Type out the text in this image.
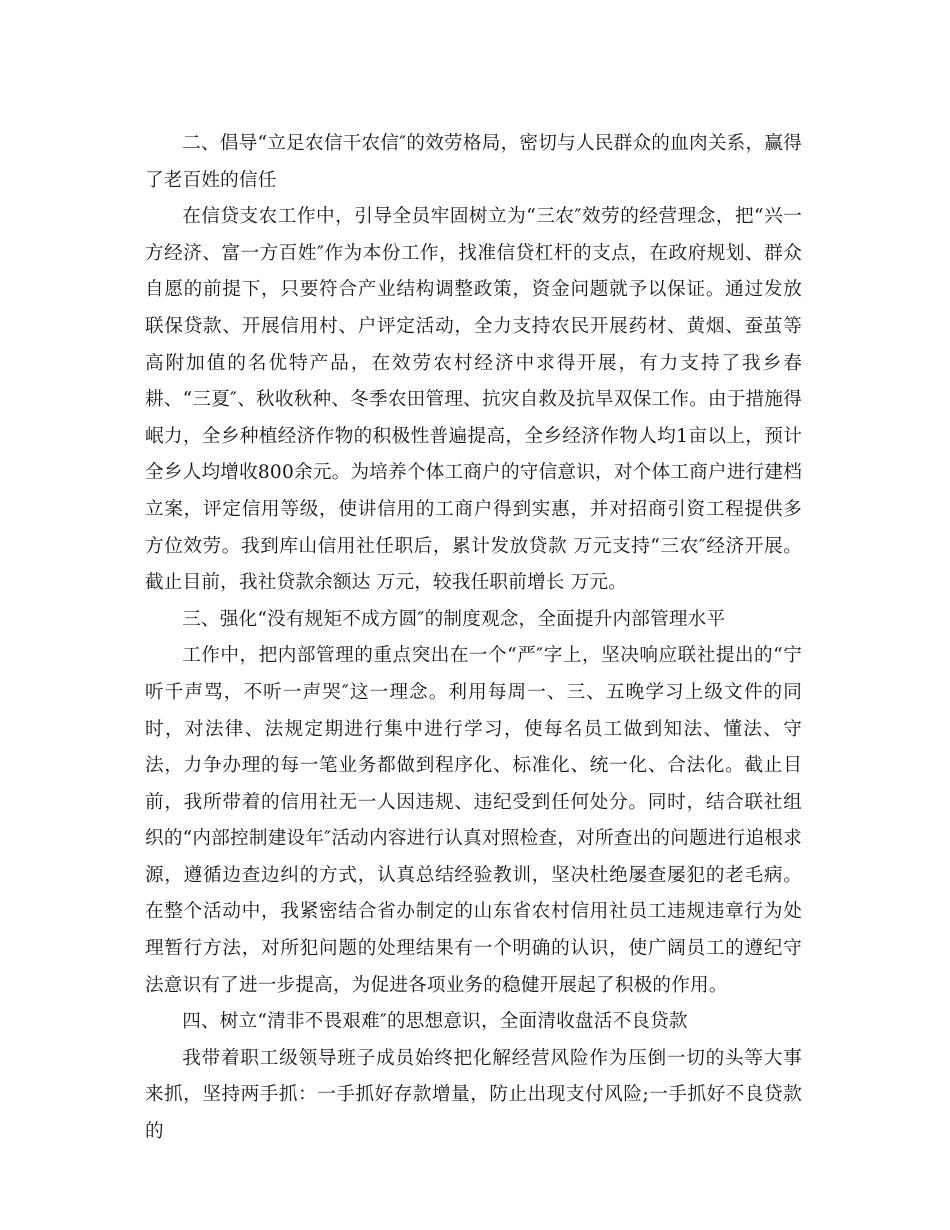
二、倡导“立足农信干农信″的效劳格局，密切与人民群众的血肉关系，赢得了老百姓的信任

在信贷支农工作中，引导全员牢固树立为“三农″效劳的经营理念，把“兴一方经济、富一方百姓″作为本份工作，找准信贷杠杆的支点，在政府规划、群众自愿的前提下，只要符合产业结构调整政策，资金问题就予以保证。通过发放联保贷款、开展信用村、户评定活动，全力支持农民开展药材、黄烟、蚕茧等高附加值的名优特产品，在效劳农村经济中求得开展，有力支持了我乡春耕、“三夏″、秋收秋种、冬季农田管理、抗灾自救及抗旱双保工作。由于措施得岷力，全乡种植经济作物的积极性普遍提高，全乡经济作物人均1亩以上，预计全乡人均增收800余元。为培养个体工商户的守信意识，对个体工商户进行建档立案，评定信用等级，使讲信用的工商户得到实惠，并对招商引资工程提供多方位效劳。我到库山信用社任职后，累计发放贷款 万元支持“三农″经济开展。截止目前，我社贷款余额达 万元，较我任职前增长 万元。

三、强化“没有规矩不成方圆″的制度观念，全面提升内部管理水平

工作中，把内部管理的重点突出在一个“严″字上，坚决响应联社提出的“宁听千声骂，不听一声哭″这一理念。利用每周一、三、五晚学习上级文件的同时，对法律、法规定期进行集中进行学习，使每名员工做到知法、懂法、守法，力争办理的每一笔业务都做到程序化、标准化、统一化、合法化。截止目前，我所带着的信用社无一人因违规、违纪受到任何处分。同时，结合联社组织的“内部控制建设年″活动内容进行认真对照检查，对所查出的问题进行追根求源，遵循边查边纠的方式，认真总结经验教训，坚决杜绝屡查屡犯的老毛病。在整个活动中，我紧密结合省办制定的山东省农村信用社员工违规违章行为处理暂行方法，对所犯问题的处理结果有一个明确的认识，使广阔员工的遵纪守法意识有了进一步提高，为促进各项业务的稳健开展起了积极的作用。

四、树立“清非不畏艰难″的思想意识，全面清收盘活不良贷款

我带着职工级领导班子成员始终把化解经营风险作为压倒一切的头等大事来抓，坚持两手抓：一手抓好存款增量，防止出现支付风险;一手抓好不良贷款的
